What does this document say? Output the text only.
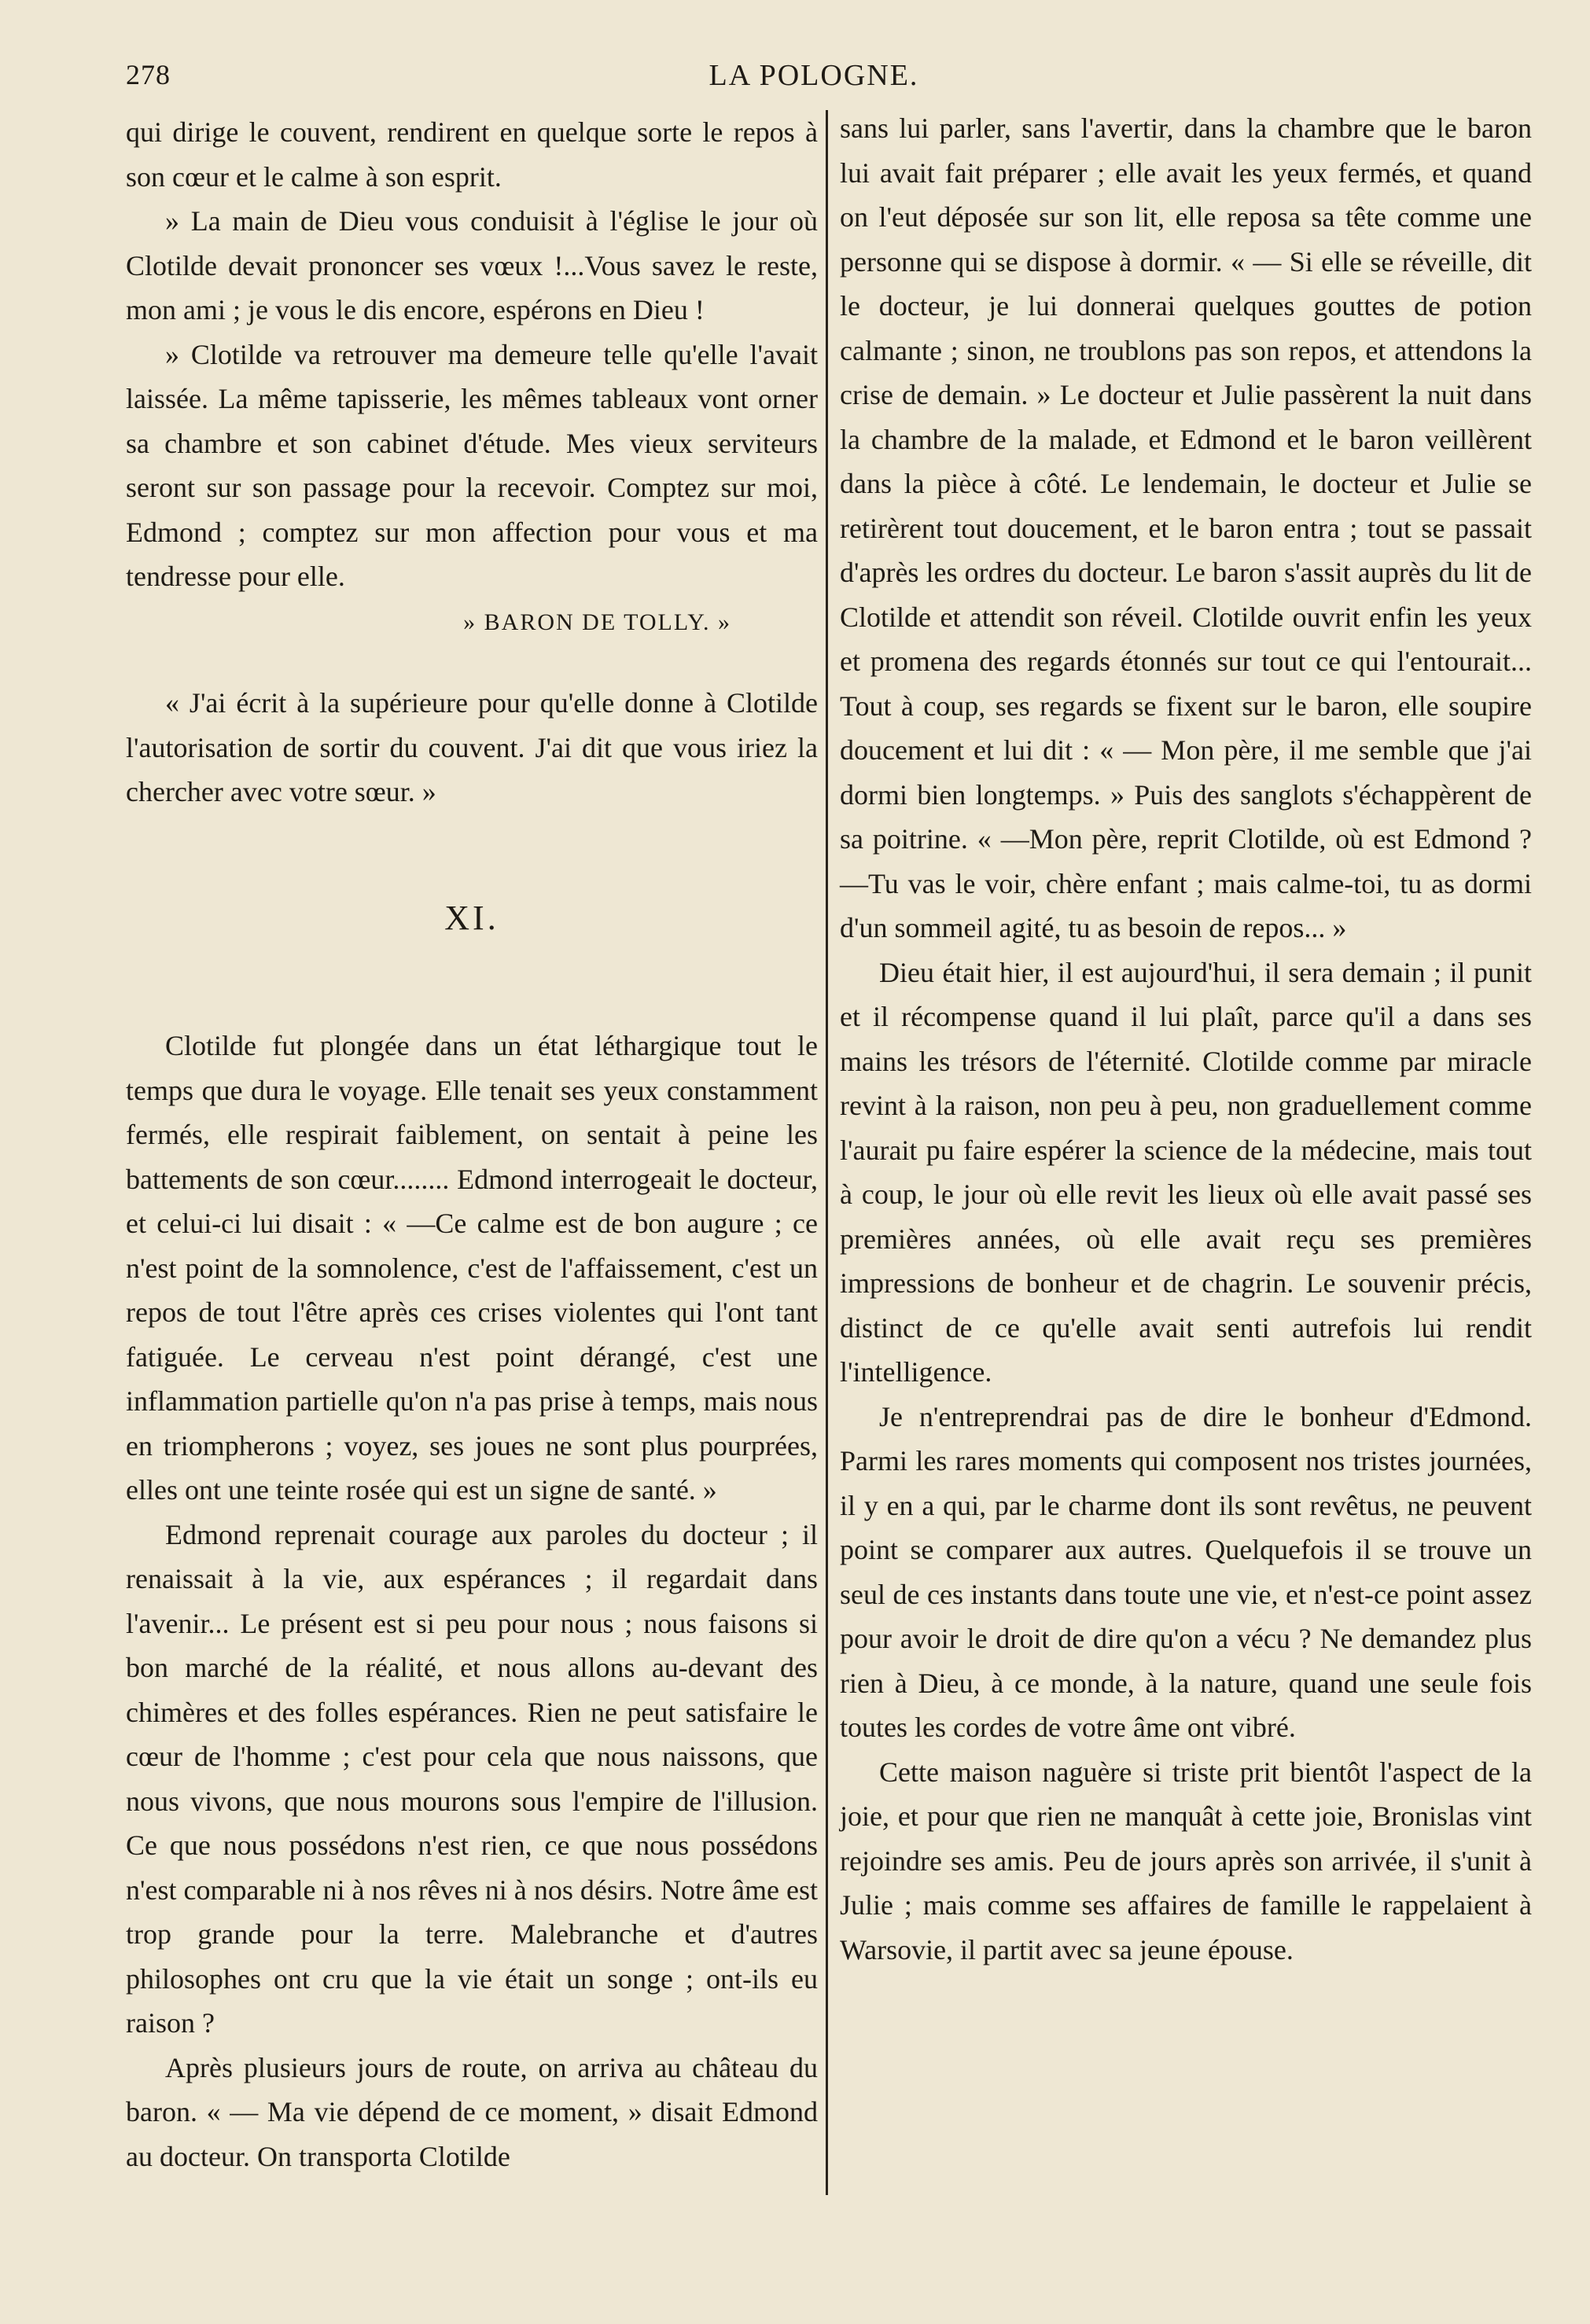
278	LA POLOGNE.

qui dirige le couvent, rendirent en quelque sorte le repos à son cœur et le calme à son esprit.

» La main de Dieu vous conduisit à l'église le jour où Clotilde devait prononcer ses vœux !...Vous savez le reste, mon ami ; je vous le dis encore, espérons en Dieu !

» Clotilde va retrouver ma demeure telle qu'elle l'avait laissée. La même tapisserie, les mêmes tableaux vont orner sa chambre et son cabinet d'étude. Mes vieux serviteurs seront sur son passage pour la recevoir. Comptez sur moi, Edmond ; comptez sur mon affection pour vous et ma tendresse pour elle.

» BARON DE TOLLY. »

« J'ai écrit à la supérieure pour qu'elle donne à Clotilde l'autorisation de sortir du couvent. J'ai dit que vous iriez la chercher avec votre sœur. »

XI.

Clotilde fut plongée dans un état léthargique tout le temps que dura le voyage. Elle tenait ses yeux constamment fermés, elle respirait faiblement, on sentait à peine les battements de son cœur........ Edmond interrogeait le docteur, et celui-ci lui disait : « —Ce calme est de bon augure ; ce n'est point de la somnolence, c'est de l'affaissement, c'est un repos de tout l'être après ces crises violentes qui l'ont tant fatiguée. Le cerveau n'est point dérangé, c'est une inflammation partielle qu'on n'a pas prise à temps, mais nous en triompherons ; voyez, ses joues ne sont plus pourprées, elles ont une teinte rosée qui est un signe de santé. »

Edmond reprenait courage aux paroles du docteur ; il renaissait à la vie, aux espérances ; il regardait dans l'avenir... Le présent est si peu pour nous ; nous faisons si bon marché de la réalité, et nous allons au-devant des chimères et des folles espérances. Rien ne peut satisfaire le cœur de l'homme ; c'est pour cela que nous naissons, que nous vivons, que nous mourons sous l'empire de l'illusion. Ce que nous possédons n'est rien, ce que nous possédons n'est comparable ni à nos rêves ni à nos désirs. Notre âme est trop grande pour la terre. Malebranche et d'autres philosophes ont cru que la vie était un songe ; ont-ils eu raison ?

Après plusieurs jours de route, on arriva au château du baron. « — Ma vie dépend de ce moment, » disait Edmond au docteur. On transporta Clotilde

sans lui parler, sans l'avertir, dans la chambre que le baron lui avait fait préparer ; elle avait les yeux fermés, et quand on l'eut déposée sur son lit, elle reposa sa tête comme une personne qui se dispose à dormir. « — Si elle se réveille, dit le docteur, je lui donnerai quelques gouttes de potion calmante ; sinon, ne troublons pas son repos, et attendons la crise de demain. » Le docteur et Julie passèrent la nuit dans la chambre de la malade, et Edmond et le baron veillèrent dans la pièce à côté. Le lendemain, le docteur et Julie se retirèrent tout doucement, et le baron entra ; tout se passait d'après les ordres du docteur. Le baron s'assit auprès du lit de Clotilde et attendit son réveil. Clotilde ouvrit enfin les yeux et promena des regards étonnés sur tout ce qui l'entourait... Tout à coup, ses regards se fixent sur le baron, elle soupire doucement et lui dit : « — Mon père, il me semble que j'ai dormi bien longtemps. » Puis des sanglots s'échappèrent de sa poitrine. « —Mon père, reprit Clotilde, où est Edmond ?—Tu vas le voir, chère enfant ; mais calme-toi, tu as dormi d'un sommeil agité, tu as besoin de repos... »

Dieu était hier, il est aujourd'hui, il sera demain ; il punit et il récompense quand il lui plaît, parce qu'il a dans ses mains les trésors de l'éternité. Clotilde comme par miracle revint à la raison, non peu à peu, non graduellement comme l'aurait pu faire espérer la science de la médecine, mais tout à coup, le jour où elle revit les lieux où elle avait passé ses premières années, où elle avait reçu ses premières impressions de bonheur et de chagrin. Le souvenir précis, distinct de ce qu'elle avait senti autrefois lui rendit l'intelligence.

Je n'entreprendrai pas de dire le bonheur d'Edmond. Parmi les rares moments qui composent nos tristes journées, il y en a qui, par le charme dont ils sont revêtus, ne peuvent point se comparer aux autres. Quelquefois il se trouve un seul de ces instants dans toute une vie, et n'est-ce point assez pour avoir le droit de dire qu'on a vécu ? Ne demandez plus rien à Dieu, à ce monde, à la nature, quand une seule fois toutes les cordes de votre âme ont vibré.

Cette maison naguère si triste prit bientôt l'aspect de la joie, et pour que rien ne manquât à cette joie, Bronislas vint rejoindre ses amis. Peu de jours après son arrivée, il s'unit à Julie ; mais comme ses affaires de famille le rappelaient à Warsovie, il partit avec sa jeune épouse.
